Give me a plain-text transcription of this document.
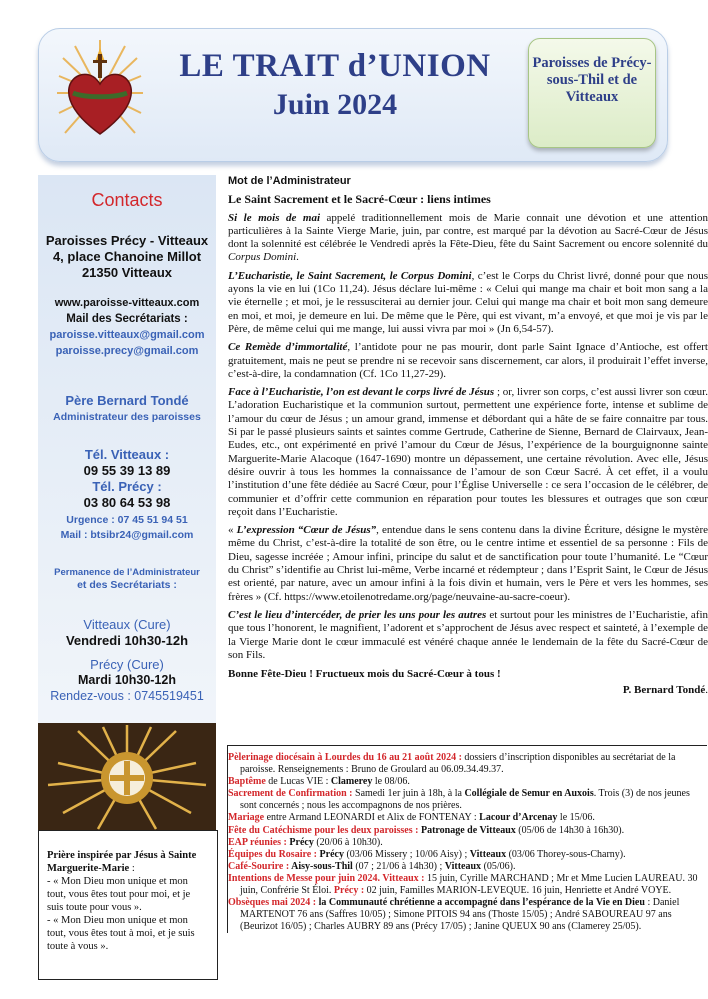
LE TRAIT d’UNION
Juin 2024
Paroisses de Précy-sous-Thil et de Vitteaux
Contacts
Paroisses Précy - Vitteaux
4, place Chanoine Millot
21350 Vitteaux
www.paroisse-vitteaux.com
Mail des Secrétariats :
paroisse.vitteaux@gmail.com
paroisse.precy@gmail.com
Père Bernard Tondé
Administrateur des paroisses
Tél. Vitteaux :
09 55 39 13 89
Tél. Précy :
03 80 64 53 98
Urgence : 07 45 51 94 51
Mail : btsibr24@gmail.com
Permanence de l’Administrateur
et des Secrétariats :
Vitteaux (Cure)
Vendredi 10h30-12h
Précy (Cure)
Mardi 10h30-12h
Rendez-vous : 0745519451

Prière inspirée par Jésus à Sainte Marguerite-Marie :

- « Mon Dieu mon unique et mon tout, vous êtes tout pour moi, et je suis toute pour vous ».

- « Mon Dieu mon unique et mon tout, vous êtes tout à moi, et je suis toute à vous ».

Mot de l’Administrateur
Le Saint Sacrement et le Sacré-Cœur : liens intimes

Si le mois de mai appelé traditionnellement mois de Marie connait une dévotion et une attention particulières à la Sainte Vierge Marie, juin, par contre, est marqué par la dévotion au Sacré-Cœur de Jésus dont la solennité est célébrée le Vendredi après la Fête-Dieu, fête du Saint Sacrement ou encore solennité du Corpus Domini.

L’Eucharistie, le Saint Sacrement, le Corpus Domini, c’est le Corps du Christ livré, donné pour que nous ayons la vie en lui (1Co 11,24). Jésus déclare lui-même : « Celui qui mange ma chair et boit mon sang a la vie éternelle ; et moi, je le ressusciterai au dernier jour. Celui qui mange ma chair et boit mon sang demeure en moi, et moi, je demeure en lui. De même que le Père, qui est vivant, m’a envoyé, et que moi je vis par le Père, de même celui qui me mange, lui aussi vivra par moi » (Jn 6,54-57).

Ce Remède d’immortalité, l’antidote pour ne pas mourir, dont parle Saint Ignace d’Antioche, est offert gratuitement, mais ne peut se prendre ni se recevoir sans discernement, car alors, il produirait l’effet inverse, c’est-à-dire, la condamnation (Cf. 1Co 11,27-29).

Face à l’Eucharistie, l’on est devant le corps livré de Jésus ; or, livrer son corps, c’est aussi livrer son cœur. L’adoration Eucharistique et la communion surtout, permettent une expérience forte, intense et sublime de l’amour du cœur de Jésus ; un amour grand, immense et débordant qui a hâte de se faire connaitre par tous. Si par le passé plusieurs saints et saintes comme Gertrude, Catherine de Sienne, Bernard de Clairvaux, Jean-Eudes, etc., ont expérimenté en privé l’amour du Cœur de Jésus, l’expérience de la bourguignonne sainte Marguerite-Marie Alacoque (1647-1690) montre un dépassement, une certaine révolution. Avec elle, Jésus désire ouvrir à tous les hommes la connaissance de l’amour de son Cœur Sacré. À cet effet, il a voulu l’institution d’une fête dédiée au Sacré Cœur, pour l’Église Universelle : ce sera l’occasion de le célébrer, de communier et d’offrir cette communion en réparation pour toutes les blessures et outrages que son cœur reçoit dans l’Eucharistie.

« L’expression “Cœur de Jésus”, entendue dans le sens contenu dans la divine Écriture, désigne le mystère même du Christ, c’est-à-dire la totalité de son être, ou le centre intime et essentiel de sa personne : Fils de Dieu, sagesse incréée ; Amour infini, principe du salut et de sanctification pour toute l’humanité. Le “Cœur du Christ” s’identifie au Christ lui-même, Verbe incarné et rédempteur ; dans l’Esprit Saint, le Cœur de Jésus est orienté, par nature, avec un amour infini à la fois divin et humain, vers le Père et vers les hommes, ses frères » (Cf. https://www.etoilenotredame.org/page/neuvaine-au-sacre-coeur).

C’est le lieu d’intercéder, de prier les uns pour les autres et surtout pour les ministres de l’Eucharistie, afin que tous l’honorent, le magnifient, l’adorent et s’approchent de Jésus avec respect et sainteté, à l’exemple de la Vierge Marie dont le cœur immaculé est vénéré chaque année le lendemain de la fête du Sacré-Cœur de son Fils.

Bonne Fête-Dieu ! Fructueux mois du Sacré-Cœur à tous !
P. Bernard Tondé.

Pèlerinage diocésain à Lourdes du 16 au 21 août 2024 : dossiers d’inscription disponibles au secrétariat de la paroisse. Renseignements : Bruno de Groulard au 06.09.34.49.37.

Baptême de Lucas VIE : Clamerey le 08/06.

Sacrement de Confirmation : Samedi 1er juin à 18h, à la Collégiale de Semur en Auxois. Trois (3) de nos jeunes sont concernés ; nous les accompagnons de nos prières.

Mariage entre Armand LEONARDI et Alix de FONTENAY : Lacour d’Arcenay le 15/06.

Fête du Catéchisme pour les deux paroisses : Patronage de Vitteaux (05/06 de 14h30 à 16h30).

EAP réunies : Précy (20/06 à 10h30).

Équipes du Rosaire : Précy (03/06 Missery ; 10/06 Aisy) ; Vitteaux (03/06 Thorey-sous-Charny).

Café-Sourire : Aisy-sous-Thil (07 ; 21/06 à 14h30) ; Vitteaux (05/06).

Intentions de Messe pour juin 2024. Vitteaux : 15 juin, Cyrille MARCHAND ; Mr et Mme Lucien LAUREAU. 30 juin, Confrérie St Éloi. Précy : 02 juin, Familles MARION-LEVEQUE. 16 juin, Henriette et André VOYE.

Obsèques mai 2024 : la Communauté chrétienne a accompagné dans l’espérance de la Vie en Dieu : Daniel MARTENOT 76 ans (Saffres 10/05) ; Simone PITOIS 94 ans (Thoste 15/05) ; André SABOUREAU 97 ans (Beurizot 16/05) ; Charles AUBRY 89 ans (Précy 17/05) ; Janine QUEUX 90 ans (Clamerey 25/05).
